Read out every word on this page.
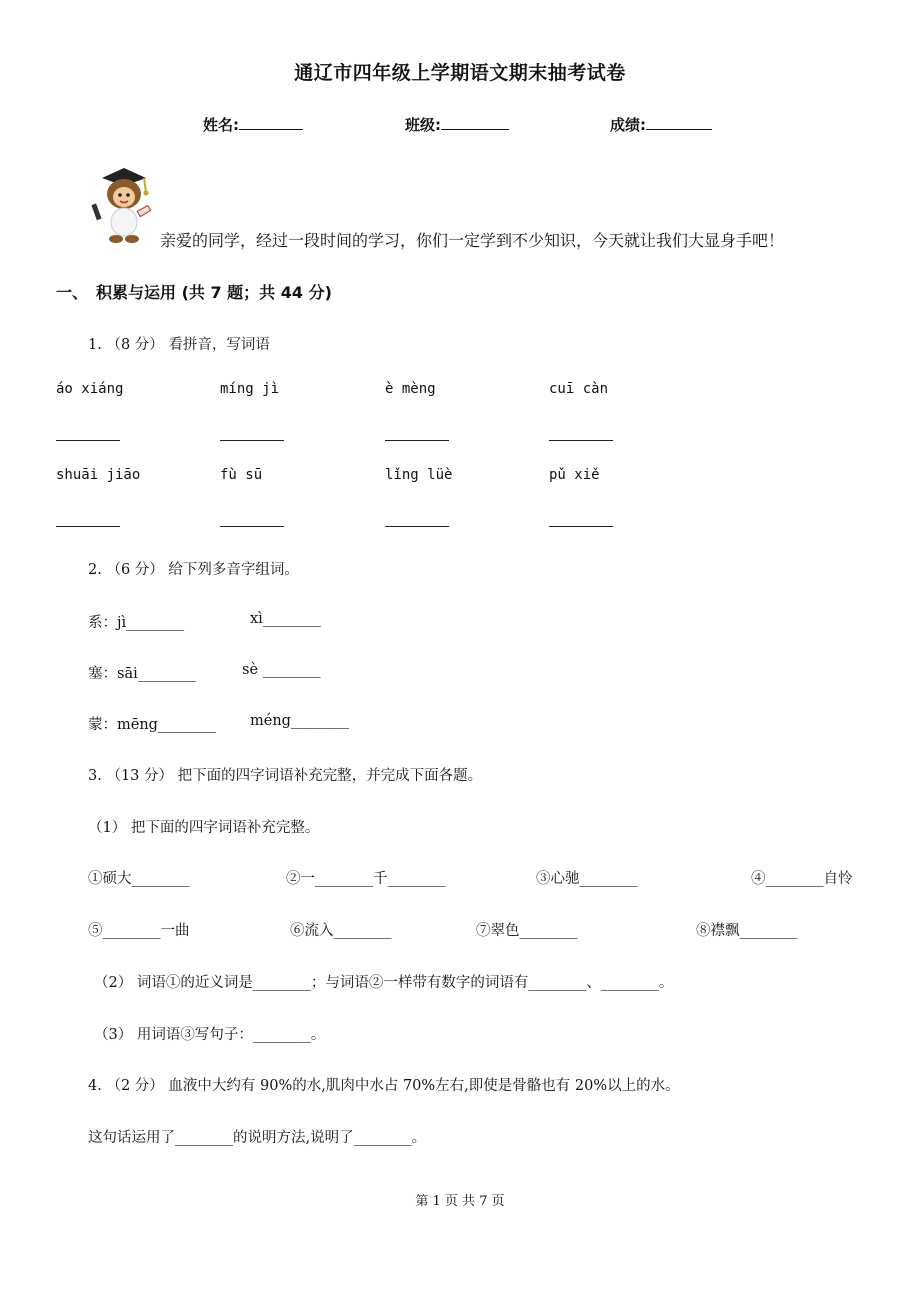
通辽市四年级上学期语文期末抽考试卷
姓名:	班级:	成绩:
亲爱的同学，经过一段时间的学习，你们一定学到不少知识，今天就让我们大显身手吧！
一、　积累与运用 (共 7 题；共 44 分)
1. （8 分） 看拼音，写词语
áo xiáng	míng jì	è mèng	cuī càn
shuāi jiāo	fù sū	lǐng lüè	pǔ xiě
2. （6 分） 给下列多音字组词。
系：jì________	xì________
塞：sāi________	sè ________
蒙：mēng________ méng________
3. （13 分） 把下面的四字词语补充完整，并完成下面各题。
（1） 把下面的四字词语补充完整。
①硕大________	②一________千________	③心驰________	④________自怜
⑤________一曲	⑥流入________	⑦翠色________	⑧襟飘________
（2） 词语①的近义词是________；与词语②一样带有数字的词语有________、________。
（3） 用词语③写句子：________。
4. （2 分） 血液中大约有 90%的水,肌肉中水占 70%左右,即使是骨骼也有 20%以上的水。
这句话运用了________的说明方法,说明了________。
第 1 页 共 7 页
